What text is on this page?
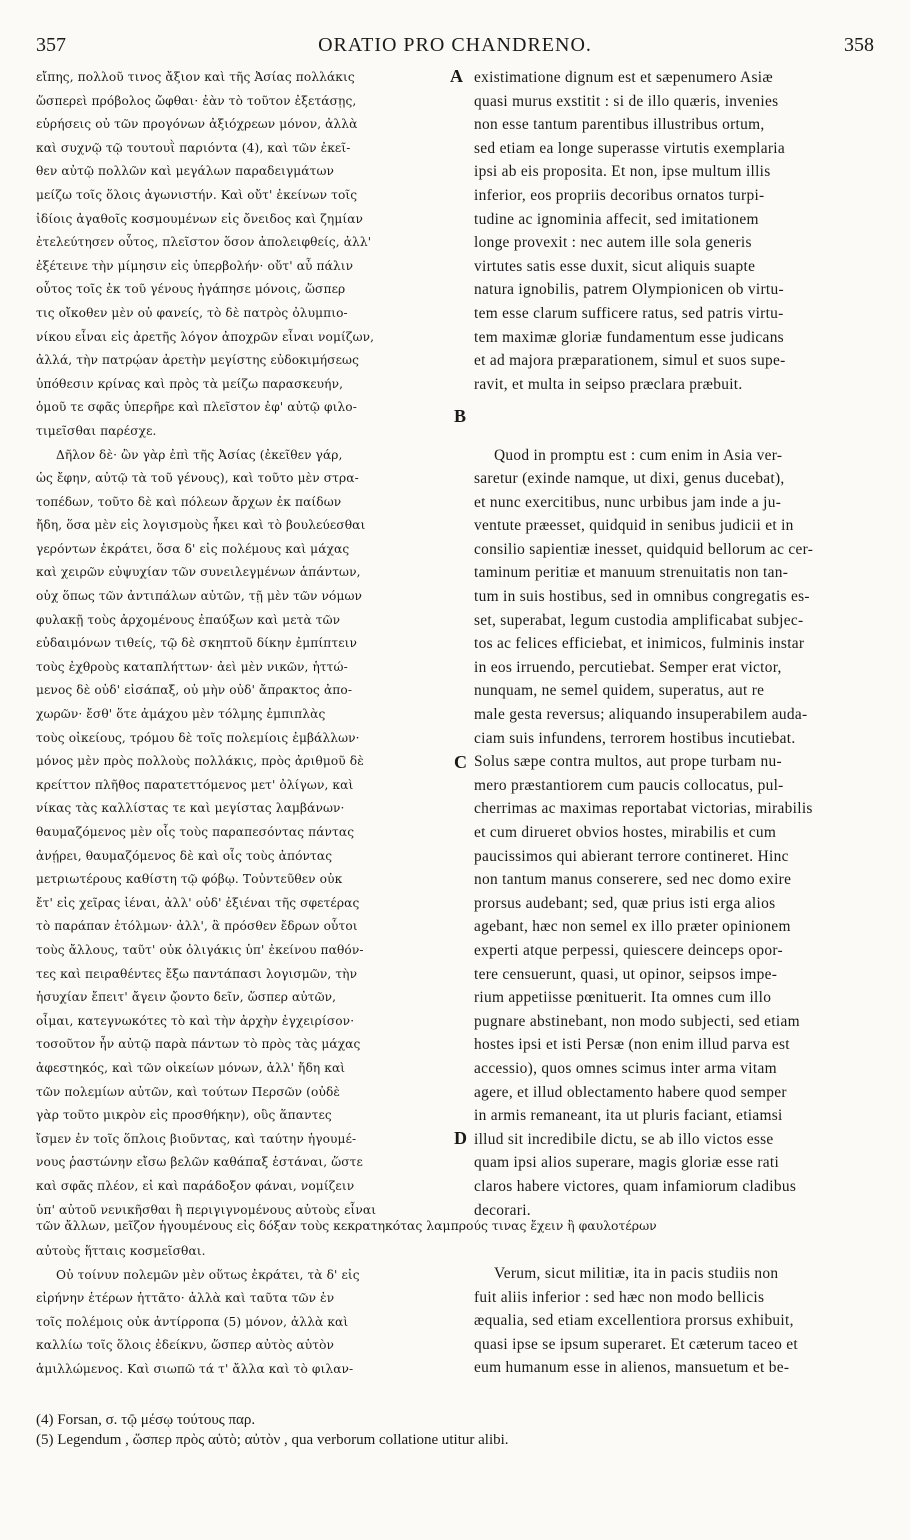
357	ORATIO PRO CHANDRENO.	358
εἴπης, πολλοῦ τινος ἄξιον καὶ τῆς Ἀσίας πολλάκις
ὥσπερεὶ πρόβολος ὤφθαι· ἐὰν τὸ τοῦτον ἐξετάσῃς,
εὑρήσεις οὐ τῶν προγόνων ἀξιόχρεων μόνον, ἀλλὰ
καὶ συχνῷ τῷ τουτουῒ παριόντα (4), καὶ τῶν ἐκεῖ-
θεν αὐτῷ πολλῶν καὶ μεγάλων παραδειγμάτων
μείζω τοῖς ὅλοις ἀγωνιστήν. Καὶ οὔτ' ἐκείνων τοῖς
ἰδίοις ἀγαθοῖς κοσμουμένων εἰς ὄνειδος καὶ ζημίαν
ἐτελεύτησεν οὗτος, πλεῖστον ὅσον ἀπολειφθείς, ἀλλ'
ἐξέτεινε τὴν μίμησιν εἰς ὑπερβολήν· οὔτ' αὖ πάλιν
οὗτος τοῖς ἐκ τοῦ γένους ἠγάπησε μόνοις, ὥσπερ
τις οἴκοθεν μὲν οὐ φανείς, τὸ δὲ πατρὸς ὀλυμπιο-
νίκου εἶναι εἰς ἀρετῆς λόγον ἀποχρῶν εἶναι νομίζων,
ἀλλά, τὴν πατρῴαν ἀρετὴν μεγίστης εὐδοκιμήσεως
ὑπόθεσιν κρίνας καὶ πρὸς τὰ μείζω παρασκευήν,
ὁμοῦ τε σφᾶς ὑπερῆρε καὶ πλεῖστον ἐφ' αὐτῷ φιλο-
τιμεῖσθαι παρέσχε.
Δῆλον δὲ· ὢν γὰρ ἐπὶ τῆς Ἀσίας (ἐκεῖθεν γάρ,
ὡς ἔφην, αὐτῷ τὰ τοῦ γένους), καὶ τοῦτο μὲν στρα-
τοπέδων, τοῦτο δὲ καὶ πόλεων ἄρχων ἐκ παίδων
ἤδη, ὅσα μὲν εἰς λογισμοὺς ἧκει καὶ τὸ βουλεύεσθαι
γερόντων ἐκράτει, ὅσα δ' εἰς πολέμους καὶ μάχας
καὶ χειρῶν εὐψυχίαν τῶν συνειλεγμένων ἁπάντων,
οὐχ ὅπως τῶν ἀντιπάλων αὐτῶν, τῇ μὲν τῶν νόμων
φυλακῇ τοὺς ἀρχομένους ἐπαύξων καὶ μετὰ τῶν
εὐδαιμόνων τιθείς, τῷ δὲ σκηπτοῦ δίκην ἐμπίπτειν
τοὺς ἐχθροὺς καταπλήττων· ἀεὶ μὲν νικῶν, ἡττώ-
μενος δὲ οὐδ' εἰσάπαξ, οὐ μὴν οὐδ' ἄπρακτος ἀπο-
χωρῶν· ἔσθ' ὅτε ἀμάχου μὲν τόλμης ἐμπιπλὰς
τοὺς οἰκείους, τρόμου δὲ τοῖς πολεμίοις ἐμβάλλων·
μόνος μὲν πρὸς πολλοὺς πολλάκις, πρὸς ἀριθμοῦ δὲ
κρείττον πλῆθος παρατεττόμενος μετ' ὀλίγων, καὶ
νίκας τὰς καλλίστας τε καὶ μεγίστας λαμβάνων·
θαυμαζόμενος μὲν οἷς τοὺς παραπεσόντας πάντας
ἀνῄρει, θαυμαζόμενος δὲ καὶ οἷς τοὺς ἀπόντας
μετριωτέρους καθίστη τῷ φόβῳ. Τοὐντεῦθεν οὐκ
ἔτ' εἰς χεῖρας ἰέναι, ἀλλ' οὐδ' ἐξιέναι τῆς σφετέρας
τὸ παράπαν ἐτόλμων· ἀλλ', ἃ πρόσθεν ἔδρων οὗτοι
τοὺς ἄλλους, ταῦτ' οὐκ ὀλιγάκις ὑπ' ἐκείνου παθόν-
τες καὶ πειραθέντες ἔξω παντάπασι λογισμῶν, τὴν
ἡσυχίαν ἔπειτ' ἄγειν ᾤοντο δεῖν, ὥσπερ αὐτῶν,
οἶμαι, κατεγνωκότες τὸ καὶ τὴν ἀρχὴν ἐγχειρίσον·
τοσοῦτον ἦν αὐτῷ παρὰ πάντων τὸ πρὸς τὰς μάχας
ἀφεστηκός, καὶ τῶν οἰκείων μόνων, ἀλλ' ἤδη καὶ
τῶν πολεμίων αὐτῶν, καὶ τούτων Περσῶν (οὐδὲ
γὰρ τοῦτο μικρὸν εἰς προσθήκην), οὓς ἅπαντες
ἴσμεν ἐν τοῖς ὅπλοις βιοῦντας, καὶ ταύτην ἡγουμέ-
νους ῥαστώνην εἴσω βελῶν καθάπαξ ἑστάναι, ὥστε
καὶ σφᾶς πλέον, εἰ καὶ παράδοξον φάναι, νομίζειν
ὑπ' αὐτοῦ νενικῆσθαι ἢ περιγιγνομένους αὐτοὺς εἶναι
existimatione dignum est et sæpenumero Asiæ
quasi murus exstitit : si de illo quæris, invenies
non esse tantum parentibus illustribus ortum,
sed etiam ea longe superasse virtutis exemplaria
ipsi ab eis proposita. Et non, ipse multum illis
inferior, eos propriis decoribus ornatos turpi-
tudine ac ignominia affecit, sed imitationem
longe provexit : nec autem ille sola generis
virtutes satis esse duxit, sicut aliquis suapte
natura ignobilis, patrem Olympionicen ob virtu-
tem esse clarum sufficere ratus, sed patris virtu-
tem maximæ gloriæ fundamentum esse judicans
et ad majora præparationem, simul et suos supe-
ravit, et multa in seipso præclara præbuit.
Quod in promptu est : cum enim in Asia ver-
saretur (exinde namque, ut dixi, genus ducebat),
et nunc exercitibus, nunc urbibus jam inde a ju-
ventute præesset, quidquid in senibus judicii et in
consilio sapientiæ inesset, quidquid bellorum ac cer-
taminum peritiæ et manuum strenuitatis non tan-
tum in suis hostibus, sed in omnibus congregatis es-
set, superabat, legum custodia amplificabat subjec-
tos ac felices efficiebat, et inimicos, fulminis instar
in eos irruendo, percutiebat. Semper erat victor,
nunquam, ne semel quidem, superatus, aut re
male gesta reversus; aliquando insuperabilem auda-
ciam suis infundens, terrorem hostibus incutiebat.
Solus sæpe contra multos, aut prope turbam nu-
mero præstantiorem cum paucis collocatus, pul-
cherrimas ac maximas reportabat victorias, mirabilis
et cum dirueret obvios hostes, mirabilis et cum
paucissimos qui abierant terrore contineret. Hinc
non tantum manus conserere, sed nec domo exire
prorsus audebant; sed, quæ prius isti erga alios
agebant, hæc non semel ex illo præter opinionem
experti atque perpessi, quiescere deinceps opor-
tere censuerunt, quasi, ut opinor, seipsos impe-
rium appetiisse pœnituerit. Ita omnes cum illo
pugnare abstinebant, non modo subjecti, sed etiam
hostes ipsi et isti Persæ (non enim illud parva est
accessio), quos omnes scimus inter arma vitam
agere, et illud oblectamento habere quod semper
in armis remaneant, ita ut pluris faciant, etiamsi
illud sit incredibile dictu, se ab illo victos esse
quam ipsi alios superare, magis gloriæ esse rati
claros habere victores, quam infamiorum cladibus
decorari.
τῶν ἄλλων, μεῖζον ἡγουμένους εἰς δόξαν τοὺς κεκρατηκότας λαμπρούς τινας ἔχειν ἢ φαυλοτέρων
αὐτοὺς ἥτταις κοσμεῖσθαι.
Οὐ τοίνυν πολεμῶν μὲν οὕτως ἐκράτει, τὰ δ' εἰς
εἰρήνην ἑτέρων ἡττᾶτο· ἀλλὰ καὶ ταῦτα τῶν ἐν
τοῖς πολέμοις οὐκ ἀντίρροπα (5) μόνον, ἀλλὰ καὶ
καλλίω τοῖς ὅλοις ἐδείκνυ, ὥσπερ αὐτὸς αὑτὸν
ἁμιλλώμενος. Καὶ σιωπῶ τά τ' ἄλλα καὶ τὸ φιλαν-
Verum, sicut militiæ, ita in pacis studiis non
fuit aliis inferior : sed hæc non modo bellicis
æqualia, sed etiam excellentiora prorsus exhibuit,
quasi ipse se ipsum superaret. Et cæterum taceo et
eum humanum esse in alienos, mansuetum et be-
A
B
C
D
(4) Forsan, σ. τῷ μέσῳ τούτους παρ.
(5) Legendum , ὥσπερ πρὸς αὑτὸ; αὐτὸν , qua verborum collatione utitur alibi.
